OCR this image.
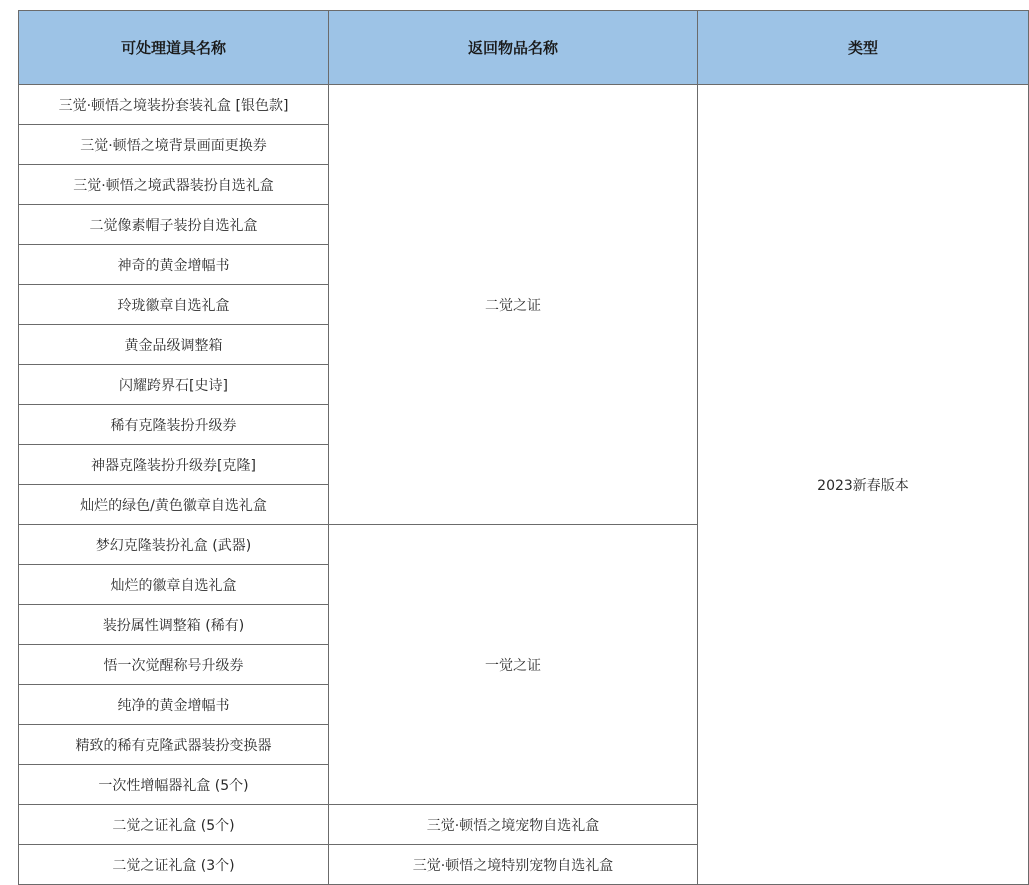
可处理道具名称	返回物品名称	类型
三觉·顿悟之境装扮套装礼盒 [银色款]	二觉之证	2023新春版本
三觉·顿悟之境背景画面更换券		
三觉·顿悟之境武器装扮自选礼盒		
二觉像素帽子装扮自选礼盒		
神奇的黄金增幅书		
玲珑徽章自选礼盒		
黄金品级调整箱		
闪耀跨界石[史诗]		
稀有克隆装扮升级券		
神器克隆装扮升级券[克隆]		
灿烂的绿色/黄色徽章自选礼盒		
梦幻克隆装扮礼盒 (武器)	一觉之证	
灿烂的徽章自选礼盒		
装扮属性调整箱 (稀有)		
悟一次觉醒称号升级券		
纯净的黄金增幅书		
精致的稀有克隆武器装扮变换器		
一次性增幅器礼盒 (5个)		
二觉之证礼盒 (5个)	三觉·顿悟之境宠物自选礼盒	
二觉之证礼盒 (3个)	三觉·顿悟之境特别宠物自选礼盒	
